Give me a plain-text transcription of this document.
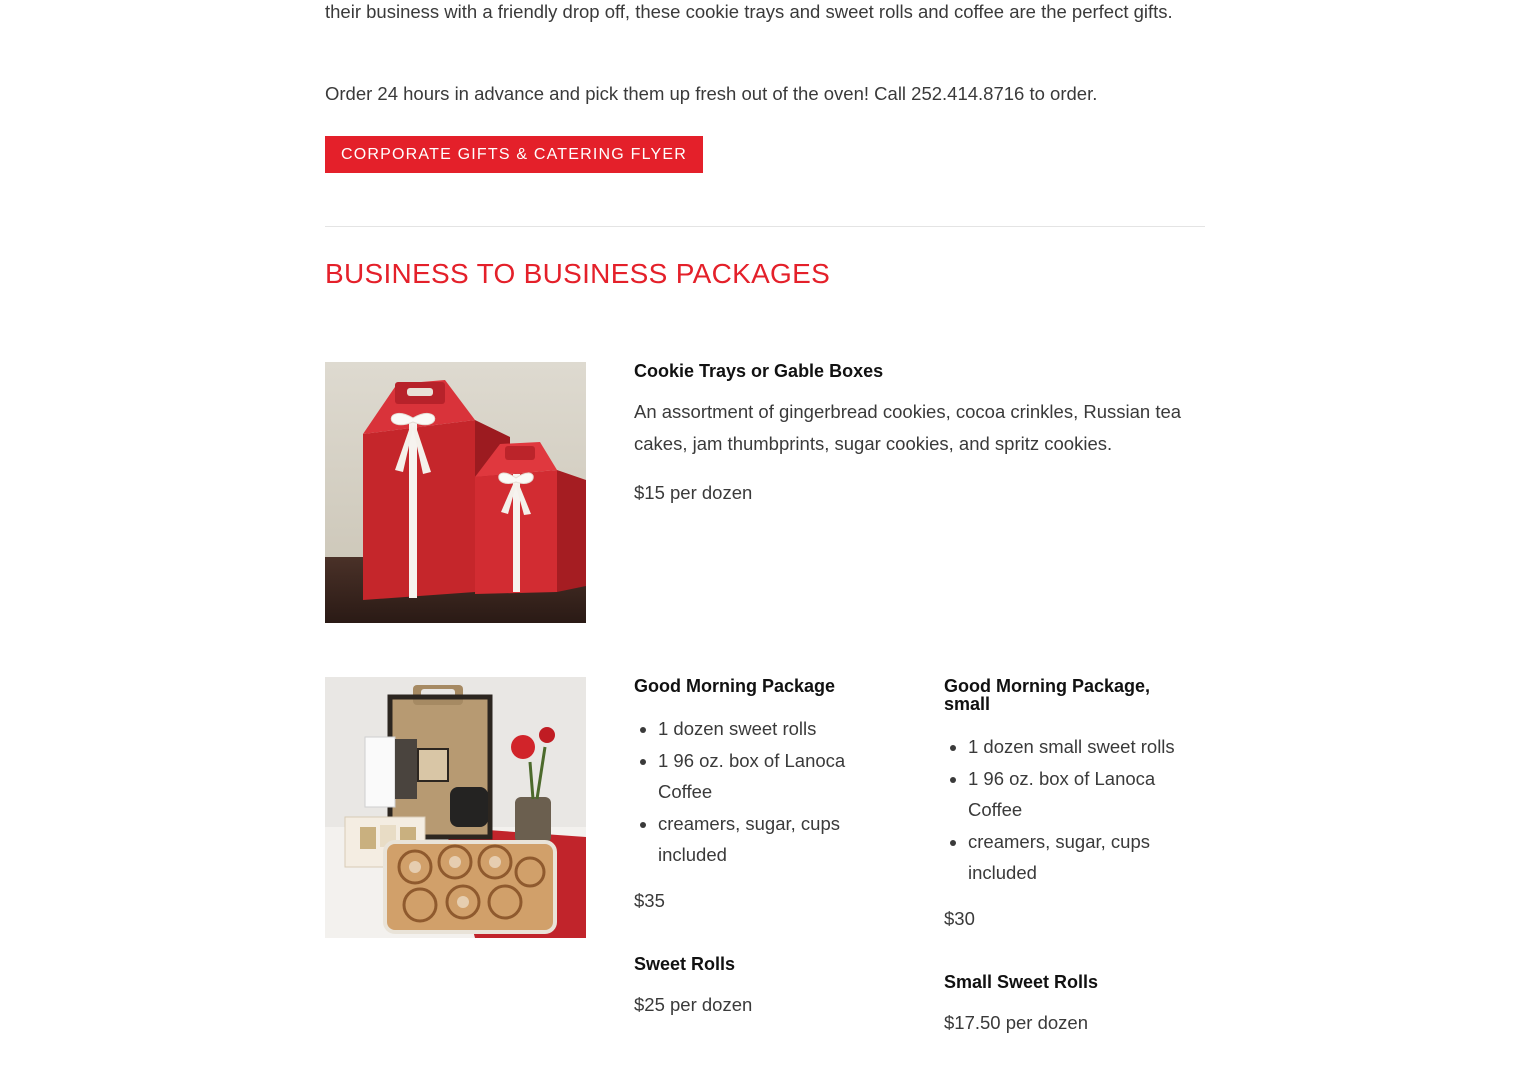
their business with a friendly drop off, these cookie trays and sweet rolls and coffee are the perfect gifts.

Order 24 hours in advance and pick them up fresh out of the oven! Call 252.414.8716 to order.

CORPORATE GIFTS & CATERING FLYER
BUSINESS TO BUSINESS PACKAGES
Cookie Trays or Gable Boxes

An assortment of gingerbread cookies, cocoa crinkles, Russian tea cakes, jam thumbprints, sugar cookies, and spritz cookies.

$15 per dozen

Good Morning Package
• 1 dozen sweet rolls
• 1 96 oz. box of Lanoca Coffee
• creamers, sugar, cups included

$35

Good Morning Package, small
• 1 dozen small sweet rolls
• 1 96 oz. box of Lanoca Coffee
• creamers, sugar, cups included

$30

Sweet Rolls

$25 per dozen

Small Sweet Rolls

$17.50 per dozen
